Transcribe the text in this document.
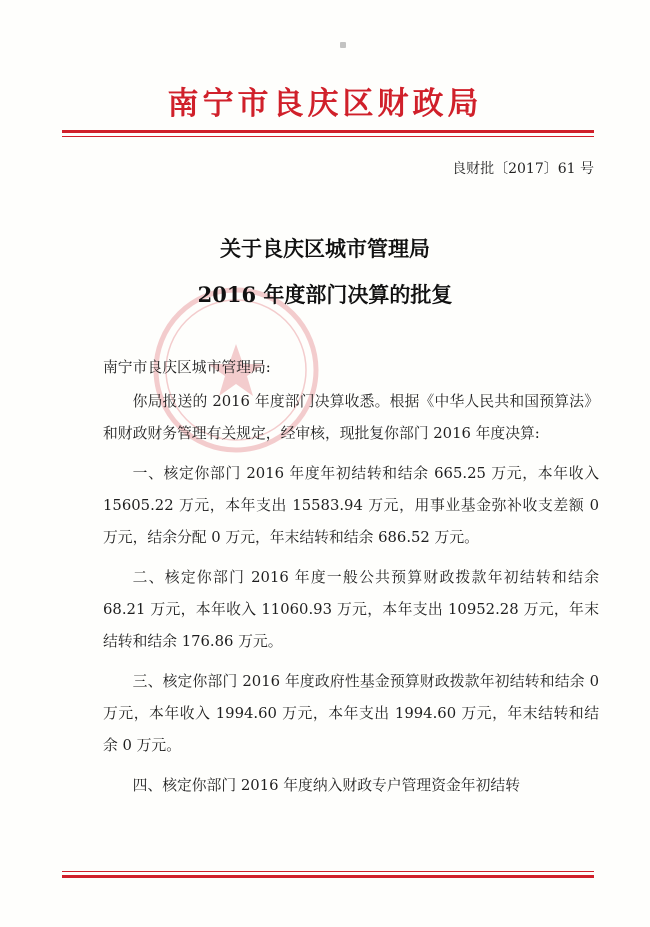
南宁市良庆区财政局
良财批〔2017〕61 号
关于良庆区城市管理局
2016 年度部门决算的批复

南宁市良庆区城市管理局:

你局报送的 2016 年度部门决算收悉。根据《中华人民共和国预算法》和财政财务管理有关规定，经审核，现批复你部门 2016 年度决算:

一、核定你部门 2016 年度年初结转和结余 665.25 万元，本年收入 15605.22 万元，本年支出 15583.94 万元，用事业基金弥补收支差额 0 万元，结余分配 0 万元，年末结转和结余 686.52 万元。

二、核定你部门 2016 年度一般公共预算财政拨款年初结转和结余 68.21 万元，本年收入 11060.93 万元，本年支出 10952.28 万元，年末结转和结余 176.86 万元。

三、核定你部门 2016 年度政府性基金预算财政拨款年初结转和结余 0 万元，本年收入 1994.60 万元，本年支出 1994.60 万元，年末结转和结余 0 万元。

四、核定你部门 2016 年度纳入财政专户管理资金年初结转
